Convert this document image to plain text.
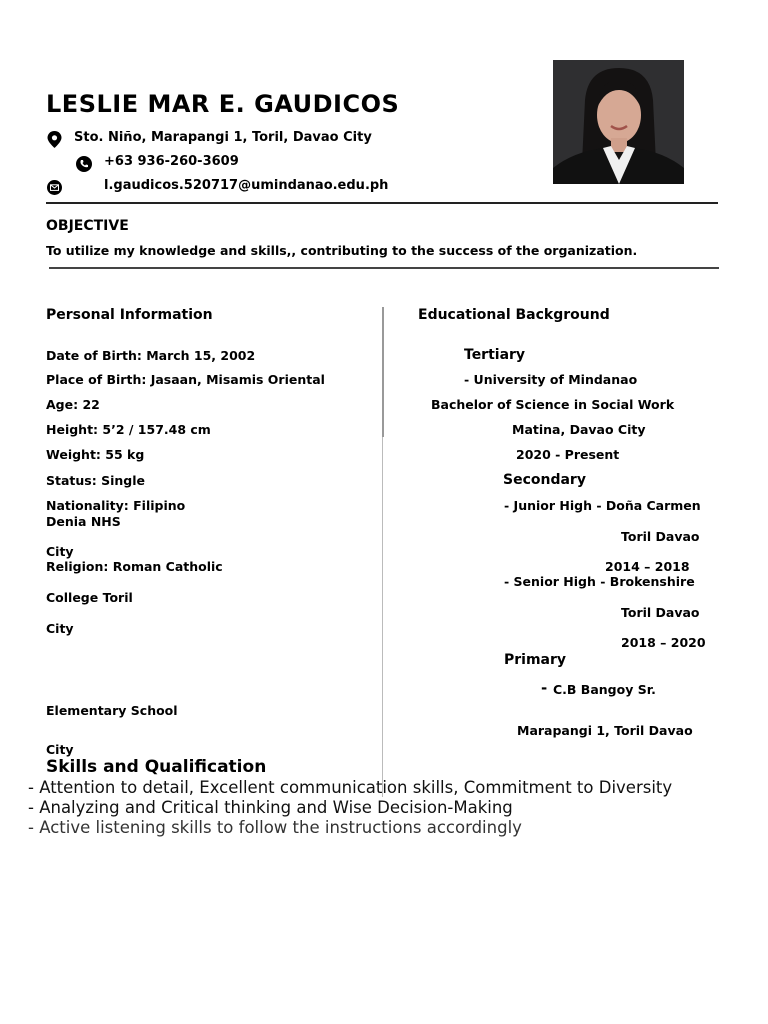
LESLIE MAR E. GAUDICOS
Sto. Niño, Marapangi 1, Toril, Davao City
+63 936-260-3609
l.gaudicos.520717@umindanao.edu.ph
OBJECTIVE
To utilize my knowledge and skills,, contributing to the success of the organization.
Personal Information
Date of Birth: March 15, 2002
Place of Birth: Jasaan, Misamis Oriental
Age: 22
Height: 5’2 / 157.48 cm
Weight: 55 kg
Status: Single
Nationality: Filipino
Denia NHS
City
Religion: Roman Catholic
College Toril
City
Elementary School
City
Educational Background
Tertiary
- University of Mindanao
Bachelor of Science in Social Work
Matina, Davao City
2020 - Present
Secondary
- Junior High - Doña Carmen
Toril Davao
2014 – 2018
- Senior High - Brokenshire
Toril Davao
2018 – 2020
Primary
- C.B Bangoy Sr.
Marapangi 1, Toril Davao
Skills and Qualification
- Attention to detail, Excellent communication skills, Commitment to Diversity
- Analyzing and Critical thinking and Wise Decision-Making
- Active listening skills to follow the instructions accordingly
